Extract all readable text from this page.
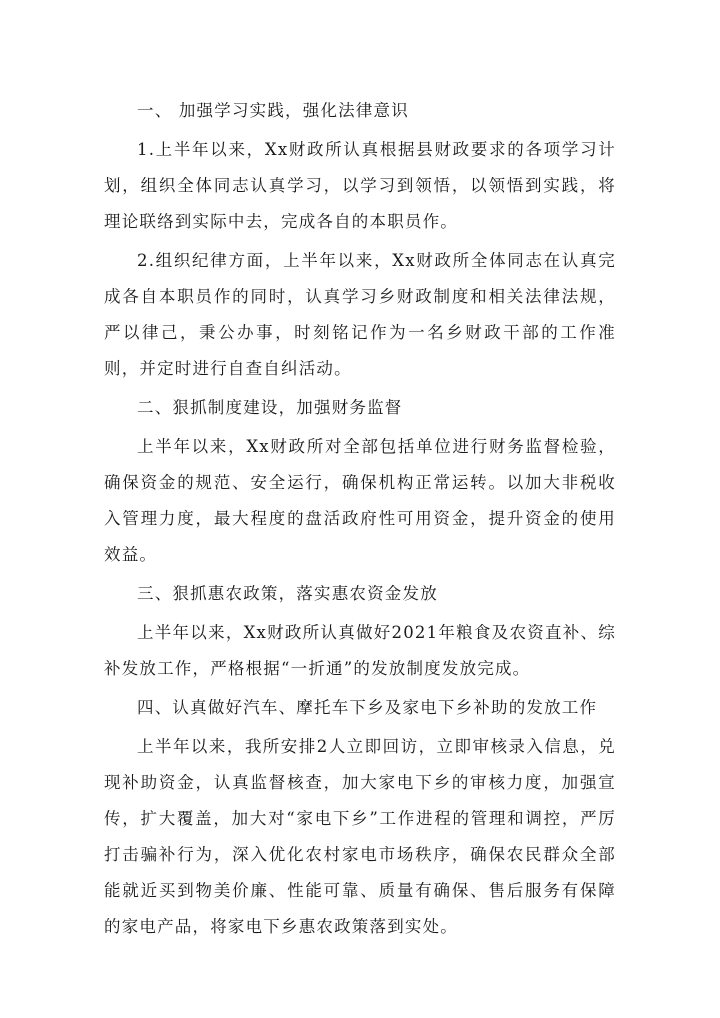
一、 加强学习实践，强化法律意识

1.上半年以来，Xx财政所认真根据县财政要求的各项学习计划，组织全体同志认真学习，以学习到领悟，以领悟到实践，将理论联络到实际中去，完成各自的本职员作。

2.组织纪律方面，上半年以来，Xx财政所全体同志在认真完成各自本职员作的同时，认真学习乡财政制度和相关法律法规，严以律己，秉公办事，时刻铭记作为一名乡财政干部的工作准则，并定时进行自查自纠活动。

二、狠抓制度建设，加强财务监督

上半年以来，Xx财政所对全部包括单位进行财务监督检验，确保资金的规范、安全运行，确保机构正常运转。以加大非税收入管理力度，最大程度的盘活政府性可用资金，提升资金的使用效益。

三、狠抓惠农政策，落实惠农资金发放

上半年以来，Xx财政所认真做好2021年粮食及农资直补、综补发放工作，严格根据“一折通”的发放制度发放完成。

四、认真做好汽车、摩托车下乡及家电下乡补助的发放工作

上半年以来，我所安排2人立即回访，立即审核录入信息，兑现补助资金，认真监督核查，加大家电下乡的审核力度，加强宣传，扩大覆盖，加大对“家电下乡”工作进程的管理和调控，严厉打击骗补行为，深入优化农村家电市场秩序，确保农民群众全部能就近买到物美价廉、性能可靠、质量有确保、售后服务有保障的家电产品，将家电下乡惠农政策落到实处。
